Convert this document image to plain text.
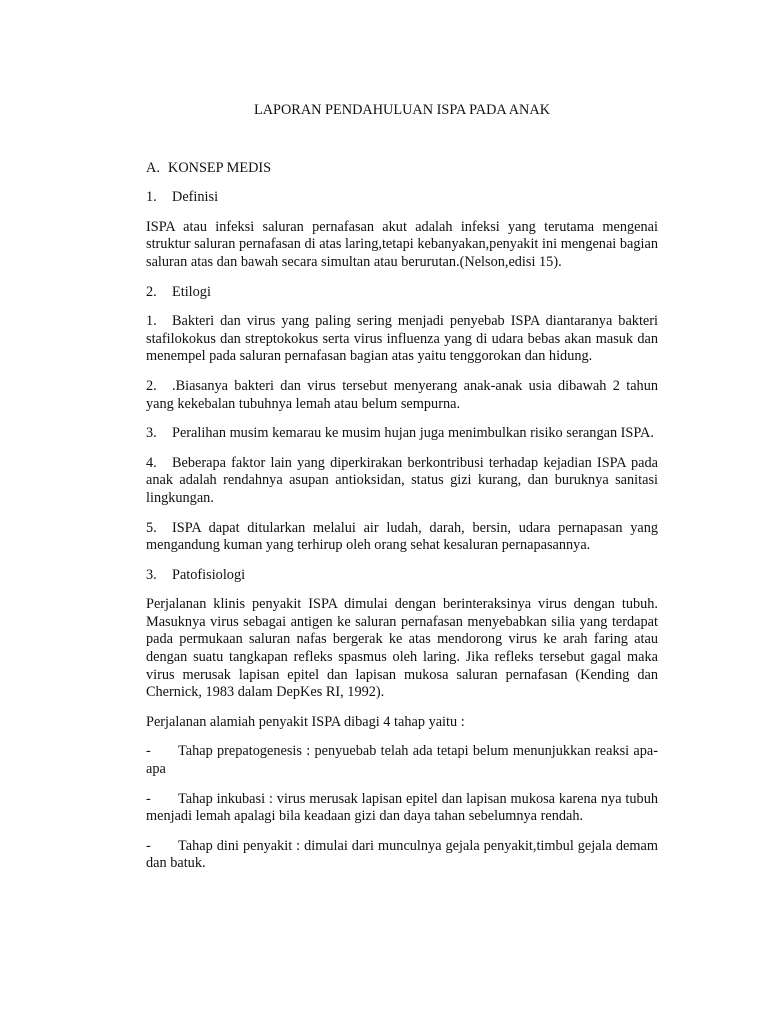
LAPORAN PENDAHULUAN ISPA PADA ANAK

A. KONSEP MEDIS

1. Definisi

ISPA atau infeksi saluran pernafasan akut adalah infeksi yang terutama mengenai struktur saluran pernafasan di atas laring,tetapi kebanyakan,penyakit ini mengenai bagian saluran atas dan bawah secara simultan atau berurutan.(Nelson,edisi 15).

2. Etilogi

1. Bakteri dan virus yang paling sering menjadi penyebab ISPA diantaranya bakteri stafilokokus dan streptokokus serta virus influenza yang di udara bebas akan masuk dan menempel pada saluran pernafasan bagian atas yaitu tenggorokan dan hidung.

2. .Biasanya bakteri dan virus tersebut menyerang anak-anak usia dibawah 2 tahun yang kekebalan tubuhnya lemah atau belum sempurna.

3. Peralihan musim kemarau ke musim hujan juga menimbulkan risiko serangan ISPA.

4. Beberapa faktor lain yang diperkirakan berkontribusi terhadap kejadian ISPA pada anak adalah rendahnya asupan antioksidan, status gizi kurang, dan buruknya sanitasi lingkungan.

5. ISPA dapat ditularkan melalui air ludah, darah, bersin, udara pernapasan yang mengandung kuman yang terhirup oleh orang sehat kesaluran pernapasannya.

3. Patofisiologi

Perjalanan klinis penyakit ISPA dimulai dengan berinteraksinya virus dengan tubuh. Masuknya virus sebagai antigen ke saluran pernafasan menyebabkan silia yang terdapat pada permukaan saluran nafas bergerak ke atas mendorong virus ke arah faring atau dengan suatu tangkapan refleks spasmus oleh laring. Jika refleks tersebut gagal maka virus merusak lapisan epitel dan lapisan mukosa saluran pernafasan (Kending dan Chernick, 1983 dalam DepKes RI, 1992).

Perjalanan alamiah penyakit ISPA dibagi 4 tahap yaitu :

- Tahap prepatogenesis : penyuebab telah ada tetapi belum menunjukkan reaksi apa-apa

- Tahap inkubasi : virus merusak lapisan epitel dan lapisan mukosa karena nya tubuh menjadi lemah apalagi bila keadaan gizi dan daya tahan sebelumnya rendah.

- Tahap dini penyakit : dimulai dari munculnya gejala penyakit,timbul gejala demam dan batuk.
